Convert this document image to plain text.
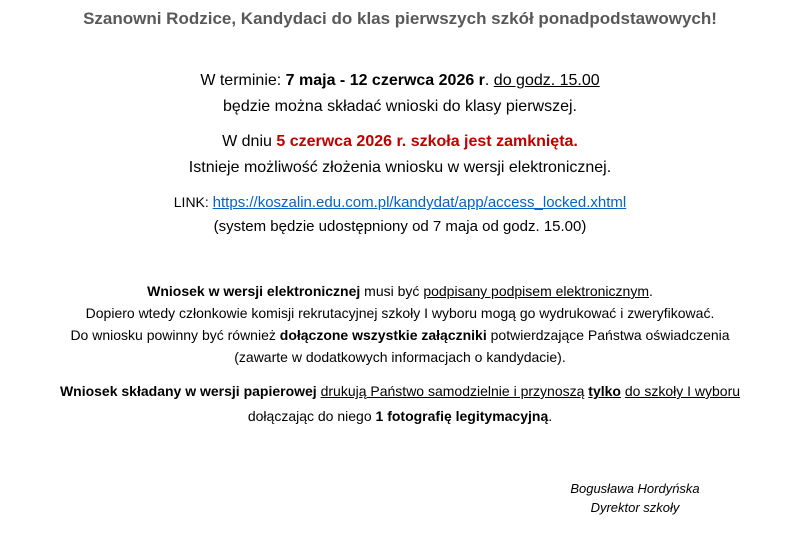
Szanowni Rodzice, Kandydaci do klas pierwszych szkół ponadpodstawowych!
W terminie: 7 maja - 12 czerwca 2026 r. do godz. 15.00
będzie można składać wnioski do klasy pierwszej.
W dniu 5 czerwca 2026 r. szkoła jest zamknięta.
Istnieje możliwość złożenia wniosku w wersji elektronicznej.
LINK: https://koszalin.edu.com.pl/kandydat/app/access_locked.xhtml
(system będzie udostępniony od 7 maja od godz. 15.00)
Wniosek w wersji elektronicznej musi być podpisany podpisem elektronicznym.
Dopiero wtedy członkowie komisji rekrutacyjnej szkoły I wyboru mogą go wydrukować i zweryfikować.
Do wniosku powinny być również dołączone wszystkie załączniki potwierdzające Państwa oświadczenia
(zawarte w dodatkowych informacjach o kandydacie).
Wniosek składany w wersji papierowej drukują Państwo samodzielnie i przynoszą tylko do szkoły I wyboru
dołączając do niego 1 fotografię legitymacyjną.
Bogusława Hordyńska
Dyrektor szkoły
